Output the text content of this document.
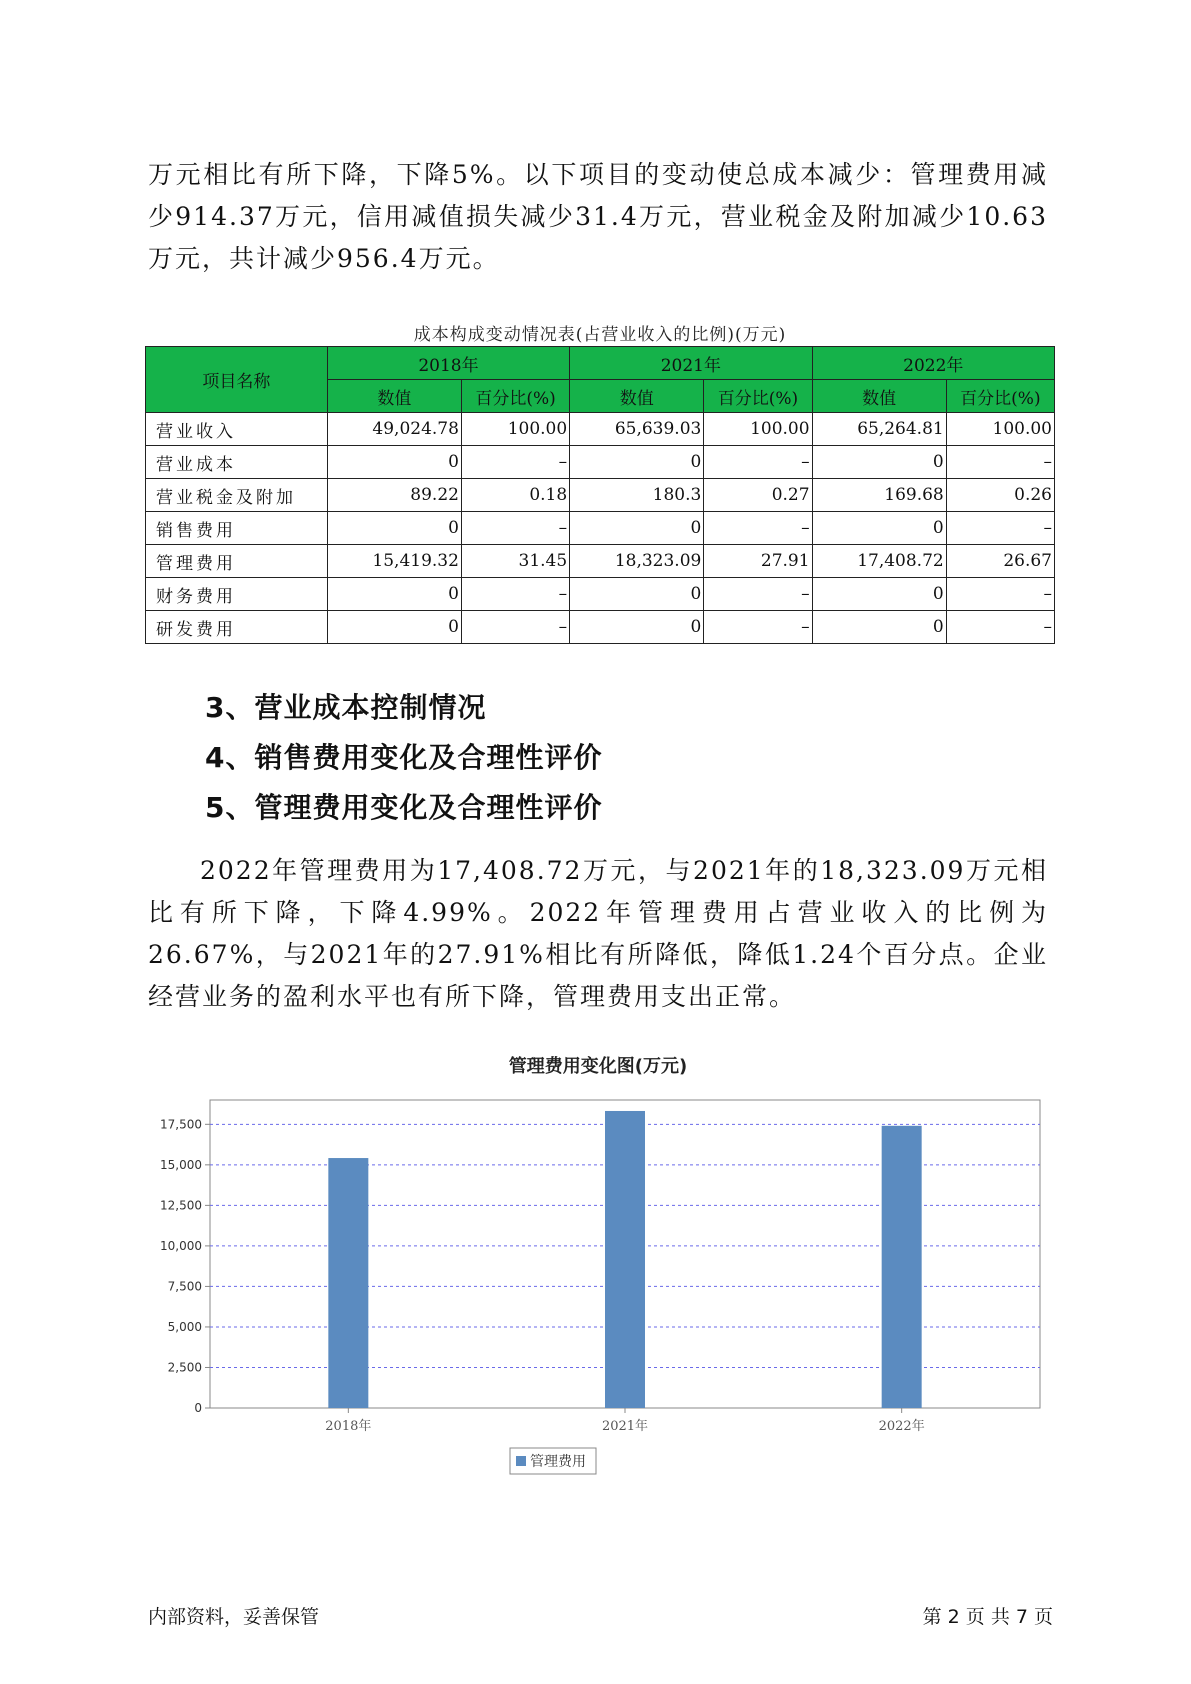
万元相比有所下降，下降5%。以下项目的变动使总成本减少：管理费用减少914.37万元，信用减值损失减少31.4万元，营业税金及附加减少10.63万元，共计减少956.4万元。
成本构成变动情况表(占营业收入的比例)(万元)
项目名称	2018年		2021年		2022年	
	数值	百分比(%)	数值	百分比(%)	数值	百分比(%)
营业收入	49,024.78	100.00	65,639.03	100.00	65,264.81	100.00
营业成本	0	–	0	–	0	–
营业税金及附加	89.22	0.18	180.3	0.27	169.68	0.26
销售费用	0	–	0	–	0	–
管理费用	15,419.32	31.45	18,323.09	27.91	17,408.72	26.67
财务费用	0	–	0	–	0	–
研发费用	0	–	0	–	0	–
3、营业成本控制情况
4、销售费用变化及合理性评价
5、管理费用变化及合理性评价
2022年管理费用为17,408.72万元，与2021年的18,323.09万元相比有所下降，下降4.99%。2022年管理费用占营业收入的比例为26.67%，与2021年的27.91%相比有所降低，降低1.24个百分点。企业经营业务的盈利水平也有所下降，管理费用支出正常。
管理费用变化图(万元)
0
2,500
5,000
7,500
10,000
12,500
15,000
17,500
2018年	2021年	2022年
管理费用
内部资料，妥善保管	第 2 页 共 7 页
